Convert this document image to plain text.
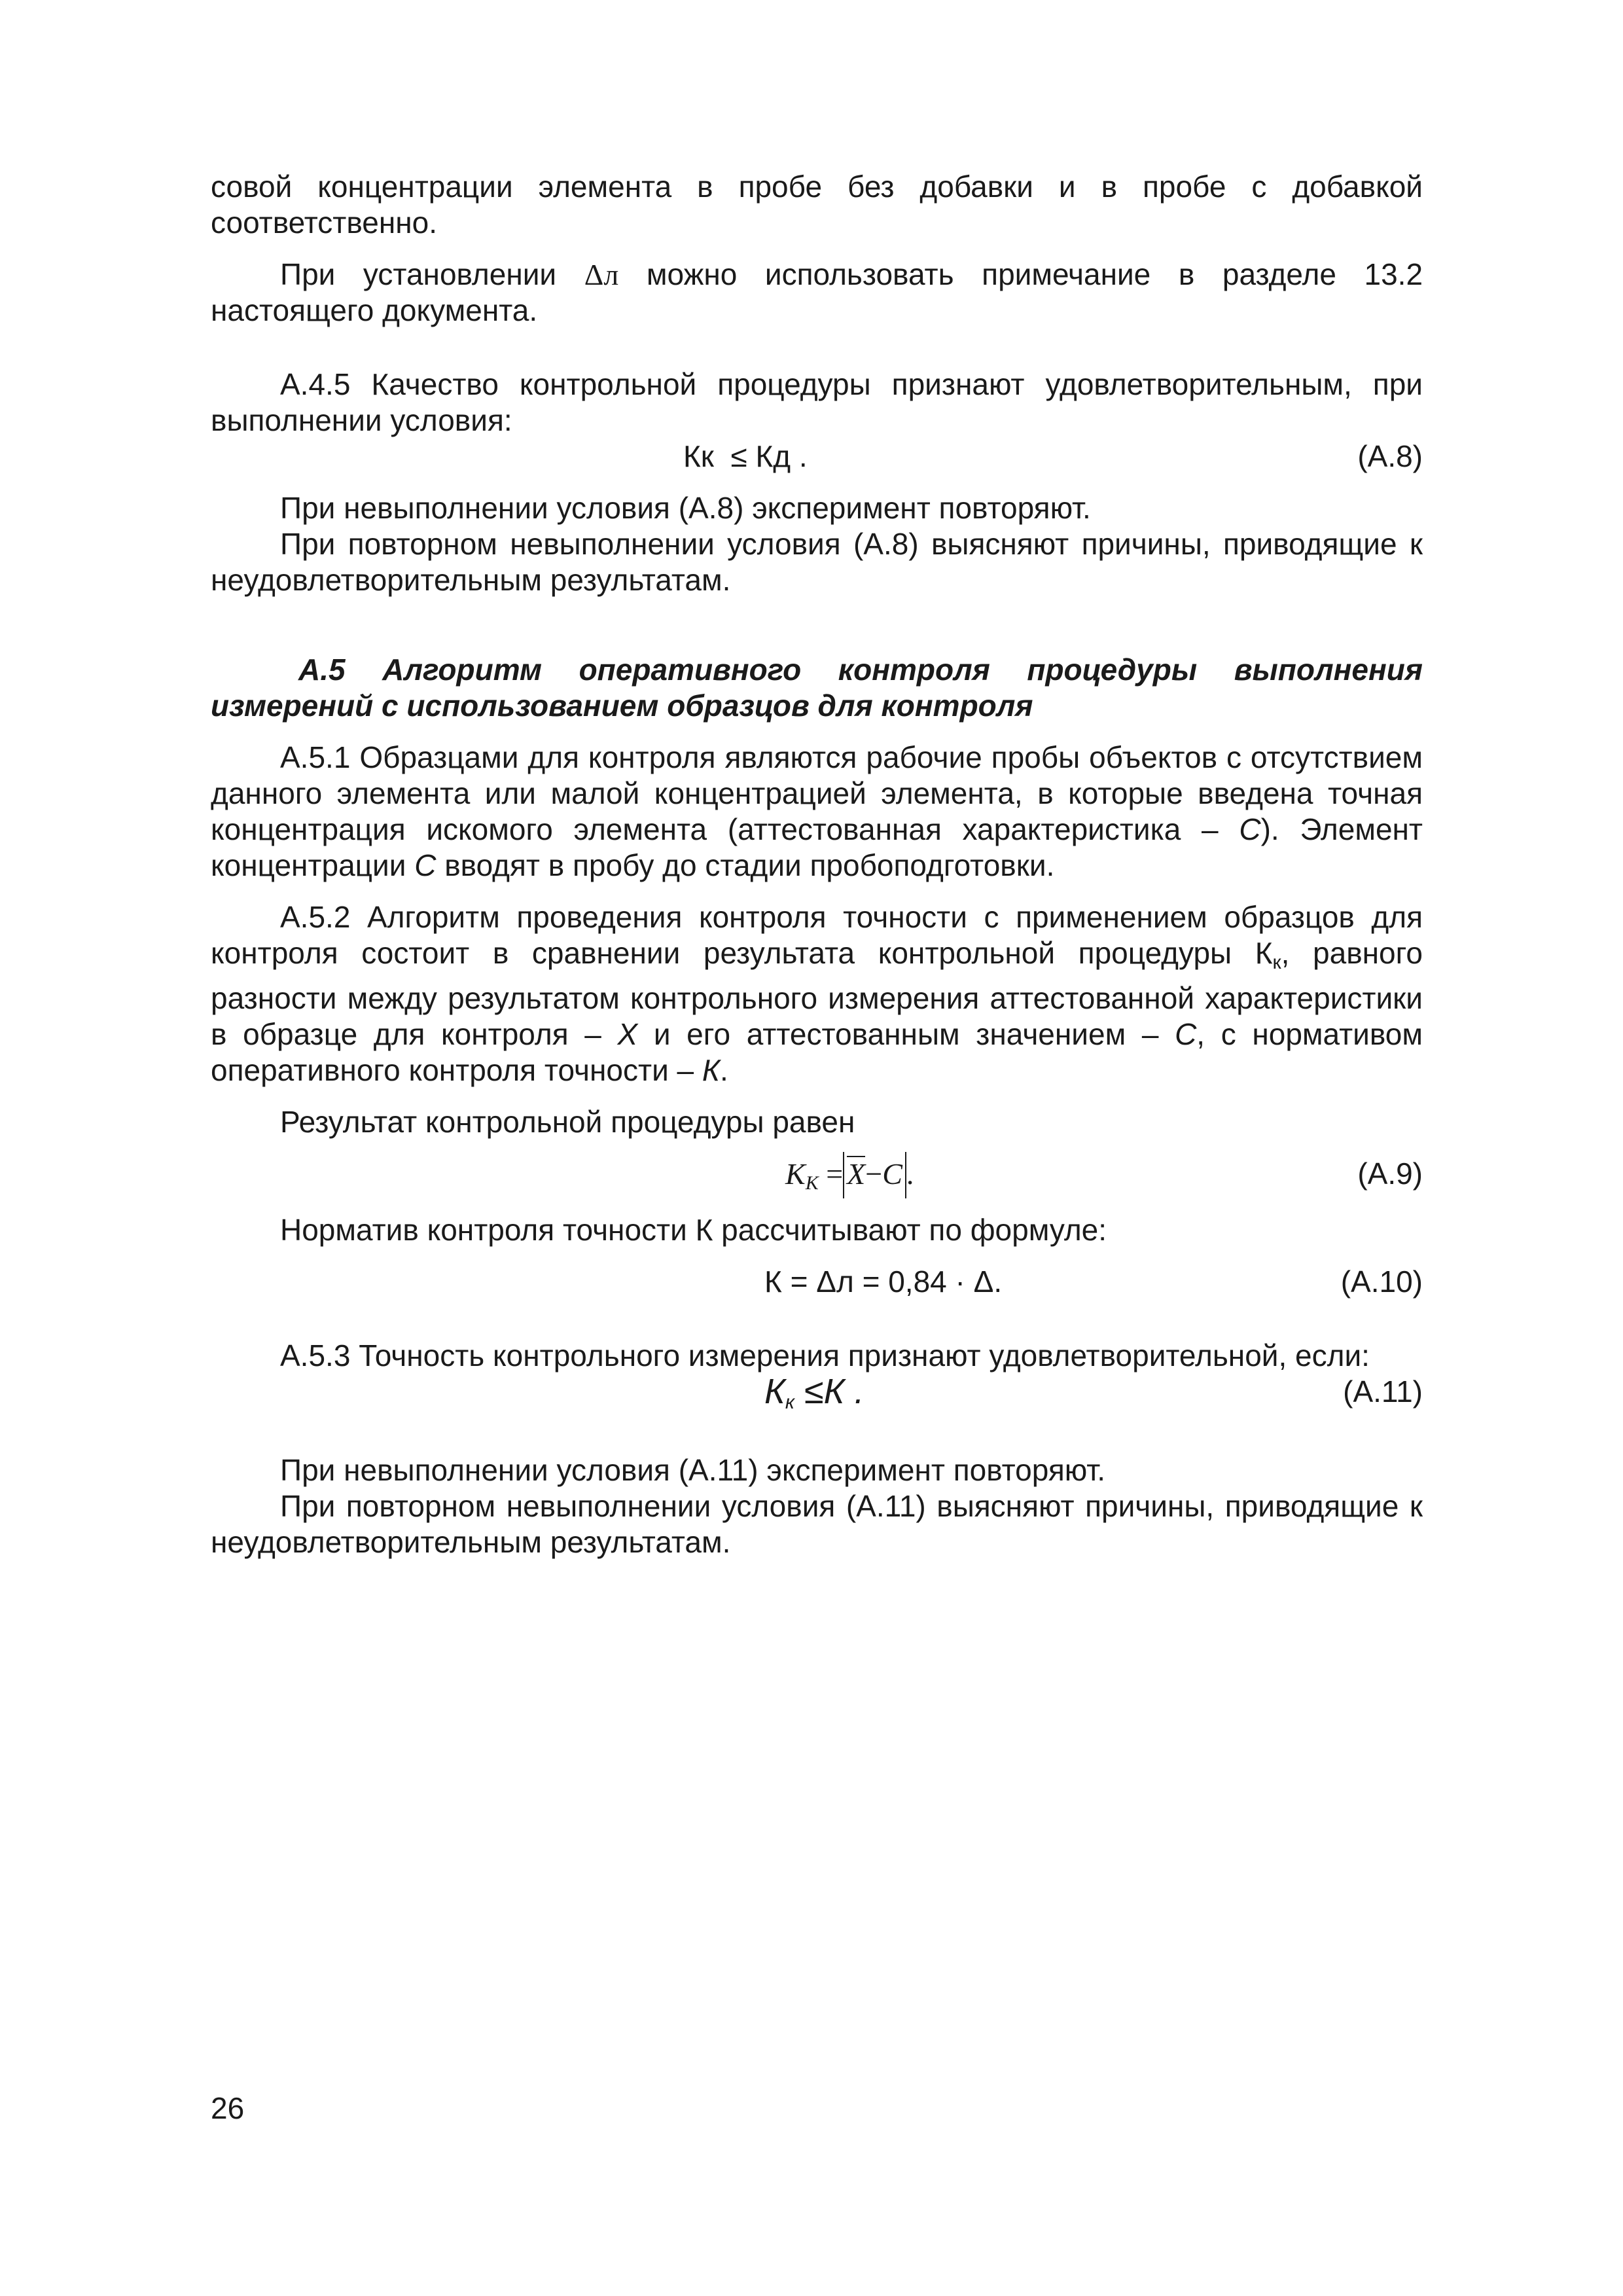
совой концентрации элемента в пробе без добавки и в пробе с добавкой соответственно.

При установлении Δл можно использовать примечание в разделе 13.2 настоящего документа.

А.4.5 Качество контрольной процедуры признают удовлетворительным, при выполнении условия:

Кк ≤ Кд .	(А.8)

При невыполнении условия (А.8) эксперимент повторяют.

При повторном невыполнении условия (А.8) выясняют причины, приводящие к неудовлетворительным результатам.

А.5 Алгоритм оперативного контроля процедуры выполнения
измерений с использованием образцов для контроля

А.5.1 Образцами для контроля являются рабочие пробы объектов с отсутствием данного элемента или малой концентрацией элемента, в которые введена точная концентрация искомого элемента (аттестованная характеристика – С). Элемент концентрации С вводят в пробу до стадии пробоподготовки.

А.5.2 Алгоритм проведения контроля точности с применением образцов для контроля состоит в сравнении результата контрольной процедуры $К_к$, равного разности между результатом контрольного измерения аттестованной характеристики в образце для контроля – Х и его аттестованным значением – С, с нормативом оперативного контроля точности – К.

Результат контрольной процедуры равен

$K_K = X-C$ .	(А.9)

Норматив контроля точности К рассчитывают по формуле:

К = Δл = 0,84 · Δ.	(А.10)

А.5.3 Точность контрольного измерения признают удовлетворительной, если:

$К_к \le К$ .	(А.11)

При невыполнении условия (А.11) эксперимент повторяют.

При повторном невыполнении условия (А.11) выясняют причины, приводящие к неудовлетворительным результатам.

26
